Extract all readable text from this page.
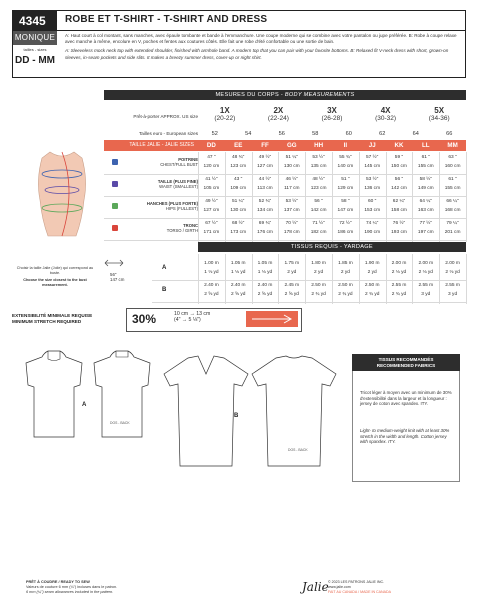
4345	ROBE ET T-SHIRT - T-SHIRT AND DRESS
MONIQUE
tailles - sizes
DD - MM

A: Haut court à col montant, sans manches, avec épaule tombante et bande à l'emmanchure. Une coupe moderne qui se combine avec votre pantalon ou jupe préférée. B: Robe à coupe relaxe avec manche à même, encolure en V, poches et fentes aux coutures côtés. Elle fait une robe d'été confortable ou une sortie de bain.

A: Sleeveless mock neck top with extended shoulder, finished with armhole band. A modern top that you can pair with your favorite bottoms. B: Relaxed fit V-neck dress with short, grown-on sleeves, in-seam pockets and side slits. It makes a breezy summer dress, cover-up or night shirt.

MESURES DU CORPS - BODY MEASUREMENTS
Prêt-à-porter APPROX. US size
1X
(20-22)
2X
(22-24)
3X
(26-28)
4X
(30-32)
5X
(34-36)
Tailles euro - European sizes	52	54	56	58	60	62	64	66
TAILLE JALIE - JALIE SIZES	DD	EE	FF	GG	HH	II	JJ	KK	LL	MM
POITRINE
CHEST/FULL BUST
47 "	48 ¾"	49 ½"	51 ¼"	53 ½"	55 ¾"	57 ½"	59 "	61 "	63 "
120 cm	123 cm	127 cm	130 cm	135 cm	140 cm	145 cm	150 cm	155 cm	160 cm
TAILLE (PLUS FINE)
WAIST (SMALLEST)
41 ½"	43 "	44 ½"	46 ½"	48 ½"	51 "	53 ½"	56 "	58 ½"	61 "
105 cm	109 cm	113 cm	117 cm	123 cm	129 cm	136 cm	142 cm	149 cm	155 cm
HANCHES (PLUS FORTE)
HIPS (FULLEST)
49 ½"	51 ¼"	52 ¾"	53 ½"	56 "	58 "	60 "	62 ¼"	64 ¼"	66 ¼"
127 cm	130 cm	134 cm	137 cm	142 cm	147 cm	153 cm	158 cm	163 cm	168 cm
TRONC
TORSO / GIRTH
67 ½"	68 ½"	69 ¾"	70 ½"	71 ½"	72 ½"	74 ¼"	76 ½"	77 ½"	79 ¼"
171 cm	173 cm	176 cm	178 cm	182 cm	186 cm	190 cm	193 cm	197 cm	201 cm
TISSUS REQUIS - YARDAGE
Choisir la taille Jalie (Jolie) qui correspond au buste.
Choose the size closest to the bust measurement.
56"
147 cm
A
1.00 m	1.05 m	1.05 m	1.75 m	1.80 m	1.85 m	1.90 m	2.00 m	2.00 m	2.00 m
1 ⅛ yd	1 ⅛ yd	1 ⅛ yd	2 yd	2 yd	2 yd	2 yd	2 ⅛ yd	2 ⅛ yd	2 ⅛ yd
B
2.40 m	2.40 m	2.40 m	2.45 m	2.50 m	2.50 m	2.50 m	2.55 m	2.55 m	2.55 m
2 ⅝ yd	2 ⅝ yd	2 ⅝ yd	2 ⅝ yd	2 ¾ yd	2 ¾ yd	2 ¾ yd	2 ¾ yd	3 yd	3 yd
EXTENSIBILITÉ MINIMALE REQUISE
MINIMUM STRETCH REQUIRED	30%	10 cm → 13 cm
(4" → 5 ⅛")
A
DOS - BACK
B
DOS - BACK
TISSUS RECOMMANDÉS
RECOMMENDED FABRICS
Tricot léger à moyen avec un minimum de 30% d'extensibilité dans la largeur et la longueur : jersey de coton avec spandex. ITY.
Light- to medium-weight knit with at least 30% stretch in the width and length. Cotton jersey with spandex. ITY.
PRÊT À COUDRE / READY TO SEW
Valeurs de couture 6 mm (¼") incluses dans le patron.
6 mm (¼") seam allowances included in the pattern.	Jalie © 2023 LES PATRONS JALIE INC.
www.jalie.com
FAIT AU CANADA / MADE IN CANADA
